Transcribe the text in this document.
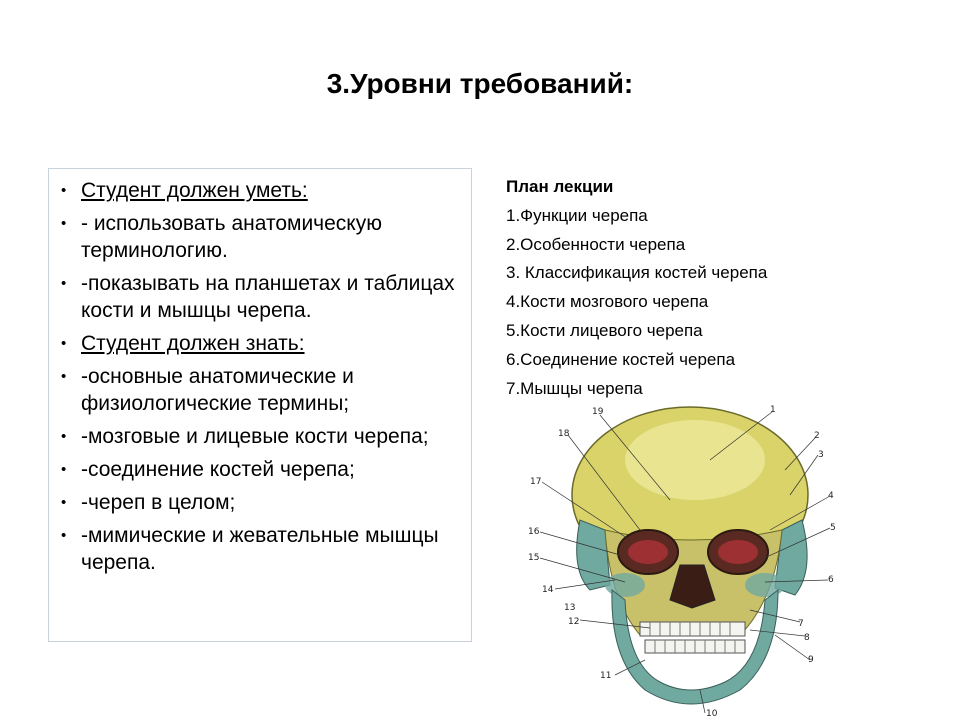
3.Уровни требований:
• Студент должен уметь:
• - использовать анатомическую терминологию.
• -показывать на планшетах и таблицах кости и мышцы черепа.
• Студент должен знать:
• -основные анатомические и физиологические термины;
• -мозговые и лицевые кости черепа;
• -соединение костей черепа;
• -череп в целом;
• -мимические и жевательные мышцы черепа.
План лекции
1.Функции черепа
2.Особенности черепа
3. Классификация костей черепа
4.Кости мозгового черепа
5.Кости лицевого черепа
6.Соединение костей черепа
7.Мышцы черепа
19	1
18	2
3
17
4
16	5
15
6
14
13
12	7
8
9
11
10
